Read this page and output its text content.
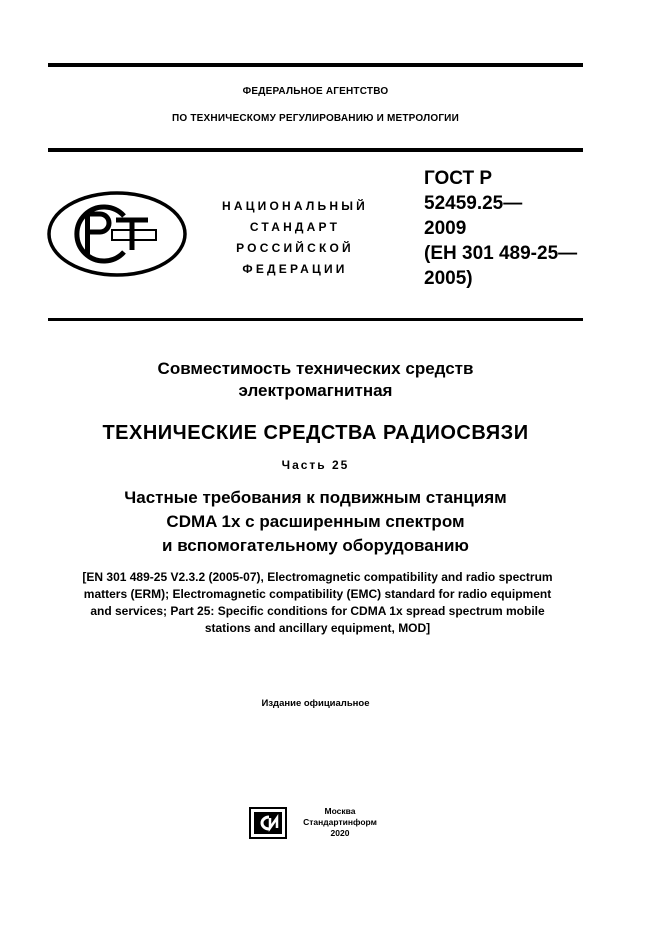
ФЕДЕРАЛЬНОЕ АГЕНТСТВО
ПО ТЕХНИЧЕСКОМУ РЕГУЛИРОВАНИЮ И МЕТРОЛОГИИ
НАЦИОНАЛЬНЫЙ
СТАНДАРТ
РОССИЙСКОЙ
ФЕДЕРАЦИИ
ГОСТ Р
52459.25—
2009
(ЕН 301 489-25—
2005)
Совместимость технических средств
электромагнитная
ТЕХНИЧЕСКИЕ СРЕДСТВА РАДИОСВЯЗИ
Часть 25
Частные требования к подвижным станциям
CDMA 1x с расширенным спектром
и вспомогательному оборудованию
[EN 301 489-25 V2.3.2 (2005-07), Electromagnetic compatibility and radio spectrum
matters (ERM); Electromagnetic compatibility (EMC) standard for radio equipment
and services; Part 25: Specific conditions for CDMA 1x spread spectrum mobile
stations and ancillary equipment, MOD]
Издание официальное
Москва
Стандартинформ
2020
